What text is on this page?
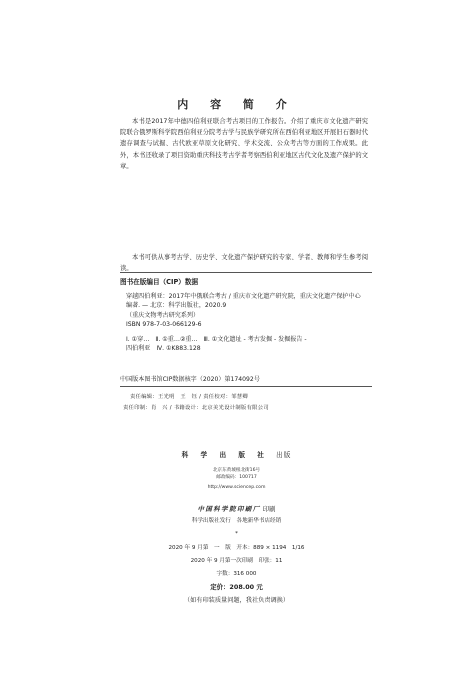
内 容 简 介
本书是2017年中德四伯利亚联合考古项目的工作报告。介绍了重庆市文化遗产研究院联合俄罗斯科学院西伯利亚分院考古学与民族学研究所在西伯利亚地区开展旧石器时代遗存调查与试掘、古代欧亚草原文化研究、学术交流、公众考古等方面的工作成果。此外，本书还收录了项目资助重庆科技考古学者考察西伯利亚地区古代文化及遗产保护的文章。
本书可供从事考古学、历史学、文化遗产保护研究的专家、学者、教师和学生参考阅读。
图书在版编目（CIP）数据
穿越四伯利亚：2017年中俄联合考古 / 重庆市文化遗产研究院，重庆文化遗产保护中心编著. — 北京：科学出版社，2020.9
（重庆文物考古研究系列）
ISBN 978-7-03-066129-6
Ⅰ. ①穿…　Ⅱ. ①重…②重…　Ⅲ. ①文化遗址 - 考古发掘 - 发掘报告 -
四伯利亚　Ⅳ. ①K883.128
中国版本图书馆CIP数据核字（2020）第174092号
责任编辑：王光明　王　钰 / 责任校对：邹慧卿
责任印制：肖　兴 / 书籍设计：北京美光设计制版有限公司
科 学 出 版 社 出版
北京东黄城根北街16号
邮政编码：100717
http://www.sciencep.com
中国科学院印刷厂 印刷
科学出版社发行　各地新华书店经销
*
2020 年 9 月第　一　版　开本：889 × 1194　1/16
2020 年 9 月第一次印刷　印张：11
字数：316 000
定价：208.00 元
（如有印装质量问题，我社负责调换）
